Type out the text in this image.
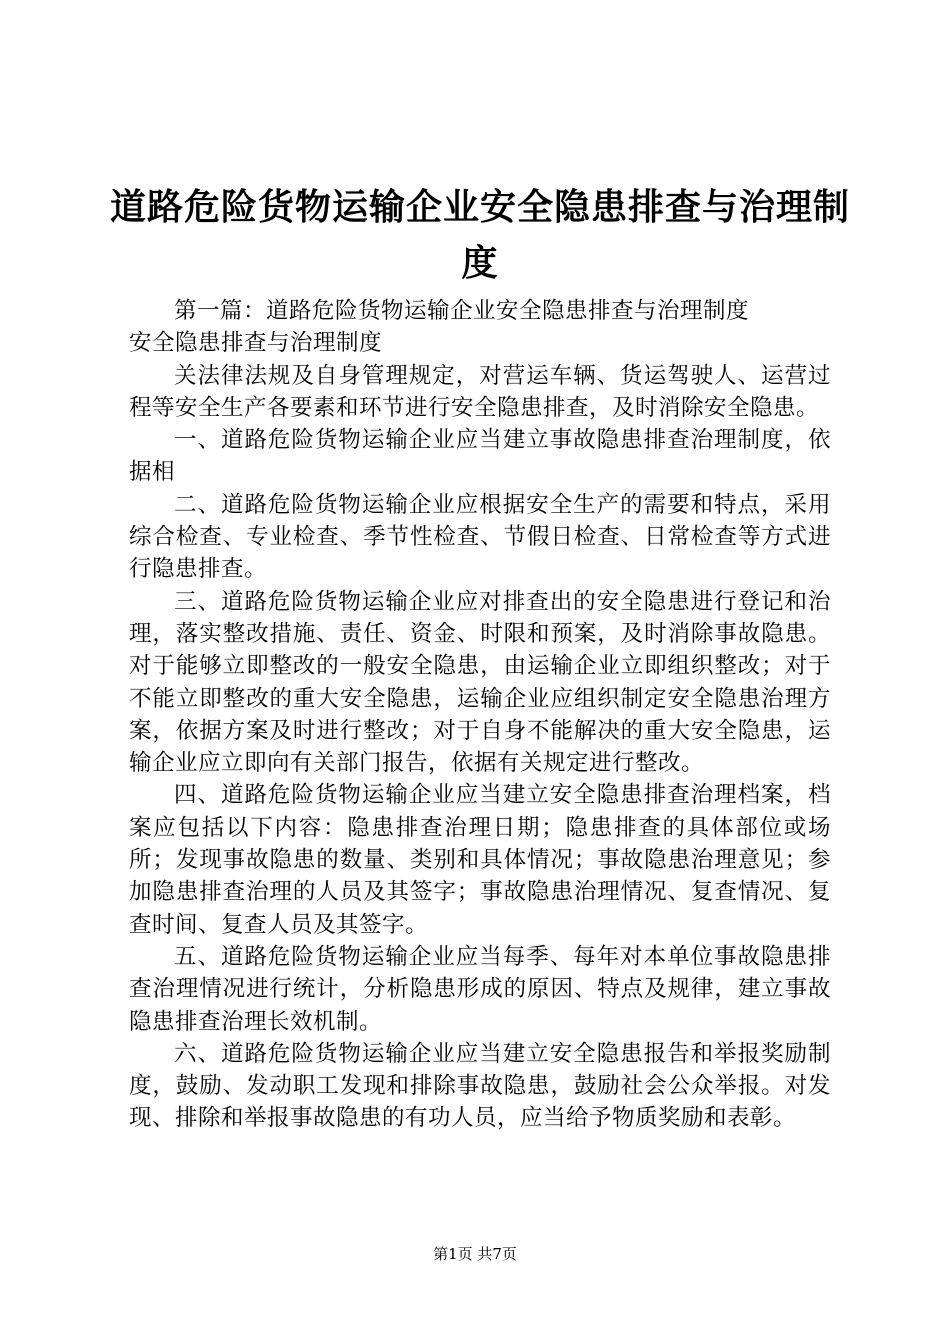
道路危险货物运输企业安全隐患排查与治理制度

第一篇：道路危险货物运输企业安全隐患排查与治理制度

安全隐患排查与治理制度

关法律法规及自身管理规定，对营运车辆、货运驾驶人、运营过程等安全生产各要素和环节进行安全隐患排查，及时消除安全隐患。

一、道路危险货物运输企业应当建立事故隐患排查治理制度，依据相

二、道路危险货物运输企业应根据安全生产的需要和特点，采用综合检查、专业检查、季节性检查、节假日检查、日常检查等方式进行隐患排查。

三、道路危险货物运输企业应对排查出的安全隐患进行登记和治理，落实整改措施、责任、资金、时限和预案，及时消除事故隐患。对于能够立即整改的一般安全隐患，由运输企业立即组织整改；对于不能立即整改的重大安全隐患，运输企业应组织制定安全隐患治理方案，依据方案及时进行整改；对于自身不能解决的重大安全隐患，运输企业应立即向有关部门报告，依据有关规定进行整改。

四、道路危险货物运输企业应当建立安全隐患排查治理档案，档案应包括以下内容：隐患排查治理日期；隐患排查的具体部位或场所；发现事故隐患的数量、类别和具体情况；事故隐患治理意见；参加隐患排查治理的人员及其签字；事故隐患治理情况、复查情况、复查时间、复查人员及其签字。

五、道路危险货物运输企业应当每季、每年对本单位事故隐患排查治理情况进行统计，分析隐患形成的原因、特点及规律，建立事故隐患排查治理长效机制。

六、道路危险货物运输企业应当建立安全隐患报告和举报奖励制度，鼓励、发动职工发现和排除事故隐患，鼓励社会公众举报。对发现、排除和举报事故隐患的有功人员，应当给予物质奖励和表彰。

第1页 共7页
